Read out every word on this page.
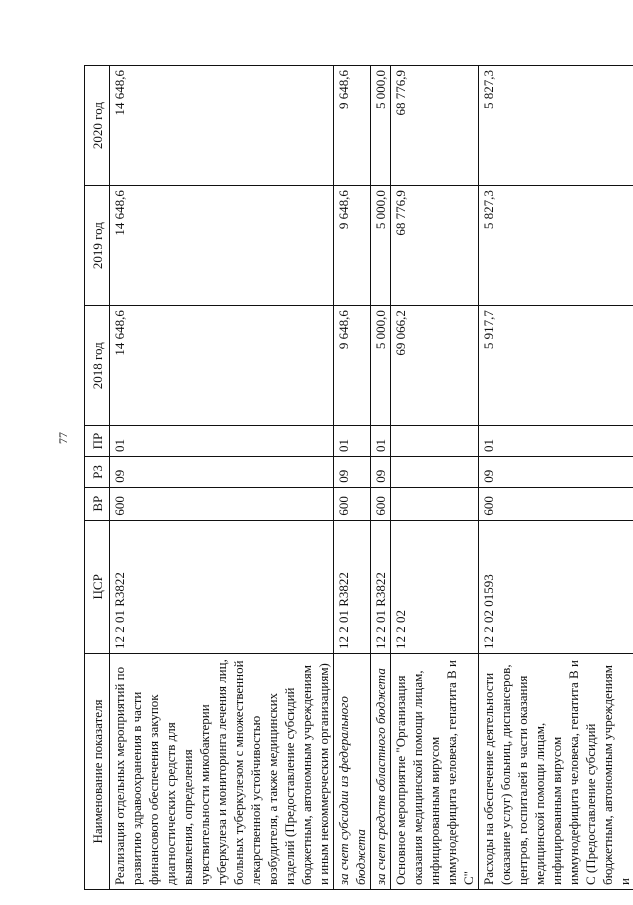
77
Наименование показателя	ЦСР	ВР	РЗ	ПР	2018 год	2019 год	2020 год
Реализация отдельных мероприятий по развитию здравоохранения в части финансового обеспечения закупок диагностических средств для выявления, определения чувствительности микобактерии туберкулеза и мониторинга лечения лиц, больных туберкулезом с множественной лекарственной устойчивостью возбудителя, а также медицинских изделий (Предоставление субсидий бюджетным, автономным учреждениям и иным некоммерческим организациям)	12 2 01 R3822	600	09	01	14 648,6	14 648,6	14 648,6
за счет субсидии из федерального бюджета	12 2 01 R3822	600	09	01	9 648,6	9 648,6	9 648,6
за счет средств областного бюджета	12 2 01 R3822	600	09	01	5 000,0	5 000,0	5 000,0
Основное мероприятие "Организация оказания медицинской помощи лицам, инфицированным вирусом иммунодефицита человека, гепатита В и С"	12 2 02				69 066,2	68 776,9	68 776,9
Расходы на обеспечение деятельности (оказание услуг) больниц, диспансеров, центров, госпиталей в части оказания медицинской помощи лицам, инфицированным вирусом иммунодефицита человека, гепатита В и С (Предоставление субсидий бюджетным, автономным учреждениям и	12 2 02 01593	600	09	01	5 917,7	5 827,3	5 827,3
